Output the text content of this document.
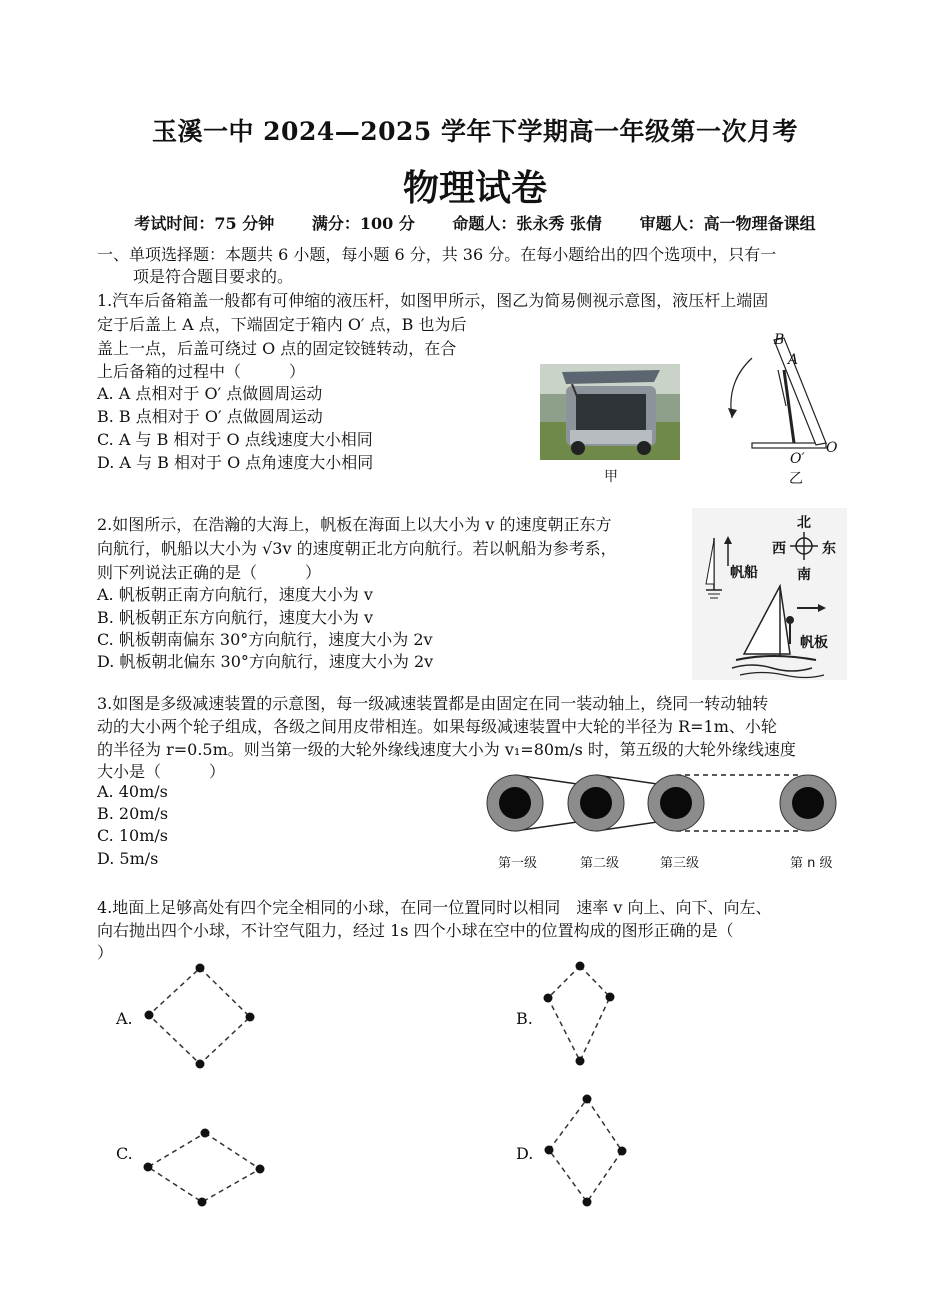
玉溪一中 2024—2025 学年下学期高一年级第一次月考
物理试卷
考试时间：75 分钟 满分：100 分 命题人：张永秀 张倩 审题人：高一物理备课组
一、单项选择题：本题共 6 小题，每小题 6 分，共 36 分。在每小题给出的四个选项中，只有一
项是符合题目要求的。
1.汽车后备箱盖一般都有可伸缩的液压杆，如图甲所示，图乙为简易侧视示意图，液压杆上端固
定于后盖上 A 点，下端固定于箱内 O′ 点，B 也为后
盖上一点，后盖可绕过 O 点的固定铰链转动，在合
上后备箱的过程中（　　　）
A. A 点相对于 O′ 点做圆周运动
B. B 点相对于 O′ 点做圆周运动
C. A 与 B 相对于 O 点线速度大小相同
D. A 与 B 相对于 O 点角速度大小相同
甲
B
A
O
O′
乙
2.如图所示，在浩瀚的大海上，帆板在海面上以大小为 v 的速度朝正东方
向航行，帆船以大小为 √3v 的速度朝正北方向航行。若以帆船为参考系，
则下列说法正确的是（　　　）
A. 帆板朝正南方向航行，速度大小为 v
B. 帆板朝正东方向航行，速度大小为 v
C. 帆板朝南偏东 30°方向航行，速度大小为 2v
D. 帆板朝北偏东 30°方向航行，速度大小为 2v
北
西	东
南
帆船
帆板
3.如图是多级减速装置的示意图，每一级减速装置都是由固定在同一装动轴上，绕同一转动轴转
动的大小两个轮子组成，各级之间用皮带相连。如果每级减速装置中大轮的半径为 R=1m、小轮
的半径为 r=0.5m。则当第一级的大轮外缘线速度大小为 v₁=80m/s 时，第五级的大轮外缘线速度
大小是（　　　）
A. 40m/s
B. 20m/s
C. 10m/s
D. 5m/s	第一级	第二级	第三级	第 n 级
4.地面上足够高处有四个完全相同的小球，在同一位置同时以相同　速率 v 向上、向下、向左、
向右抛出四个小球，不计空气阻力，经过 1s 四个小球在空中的位置构成的图形正确的是（
）
A.	B.
C.	D.
